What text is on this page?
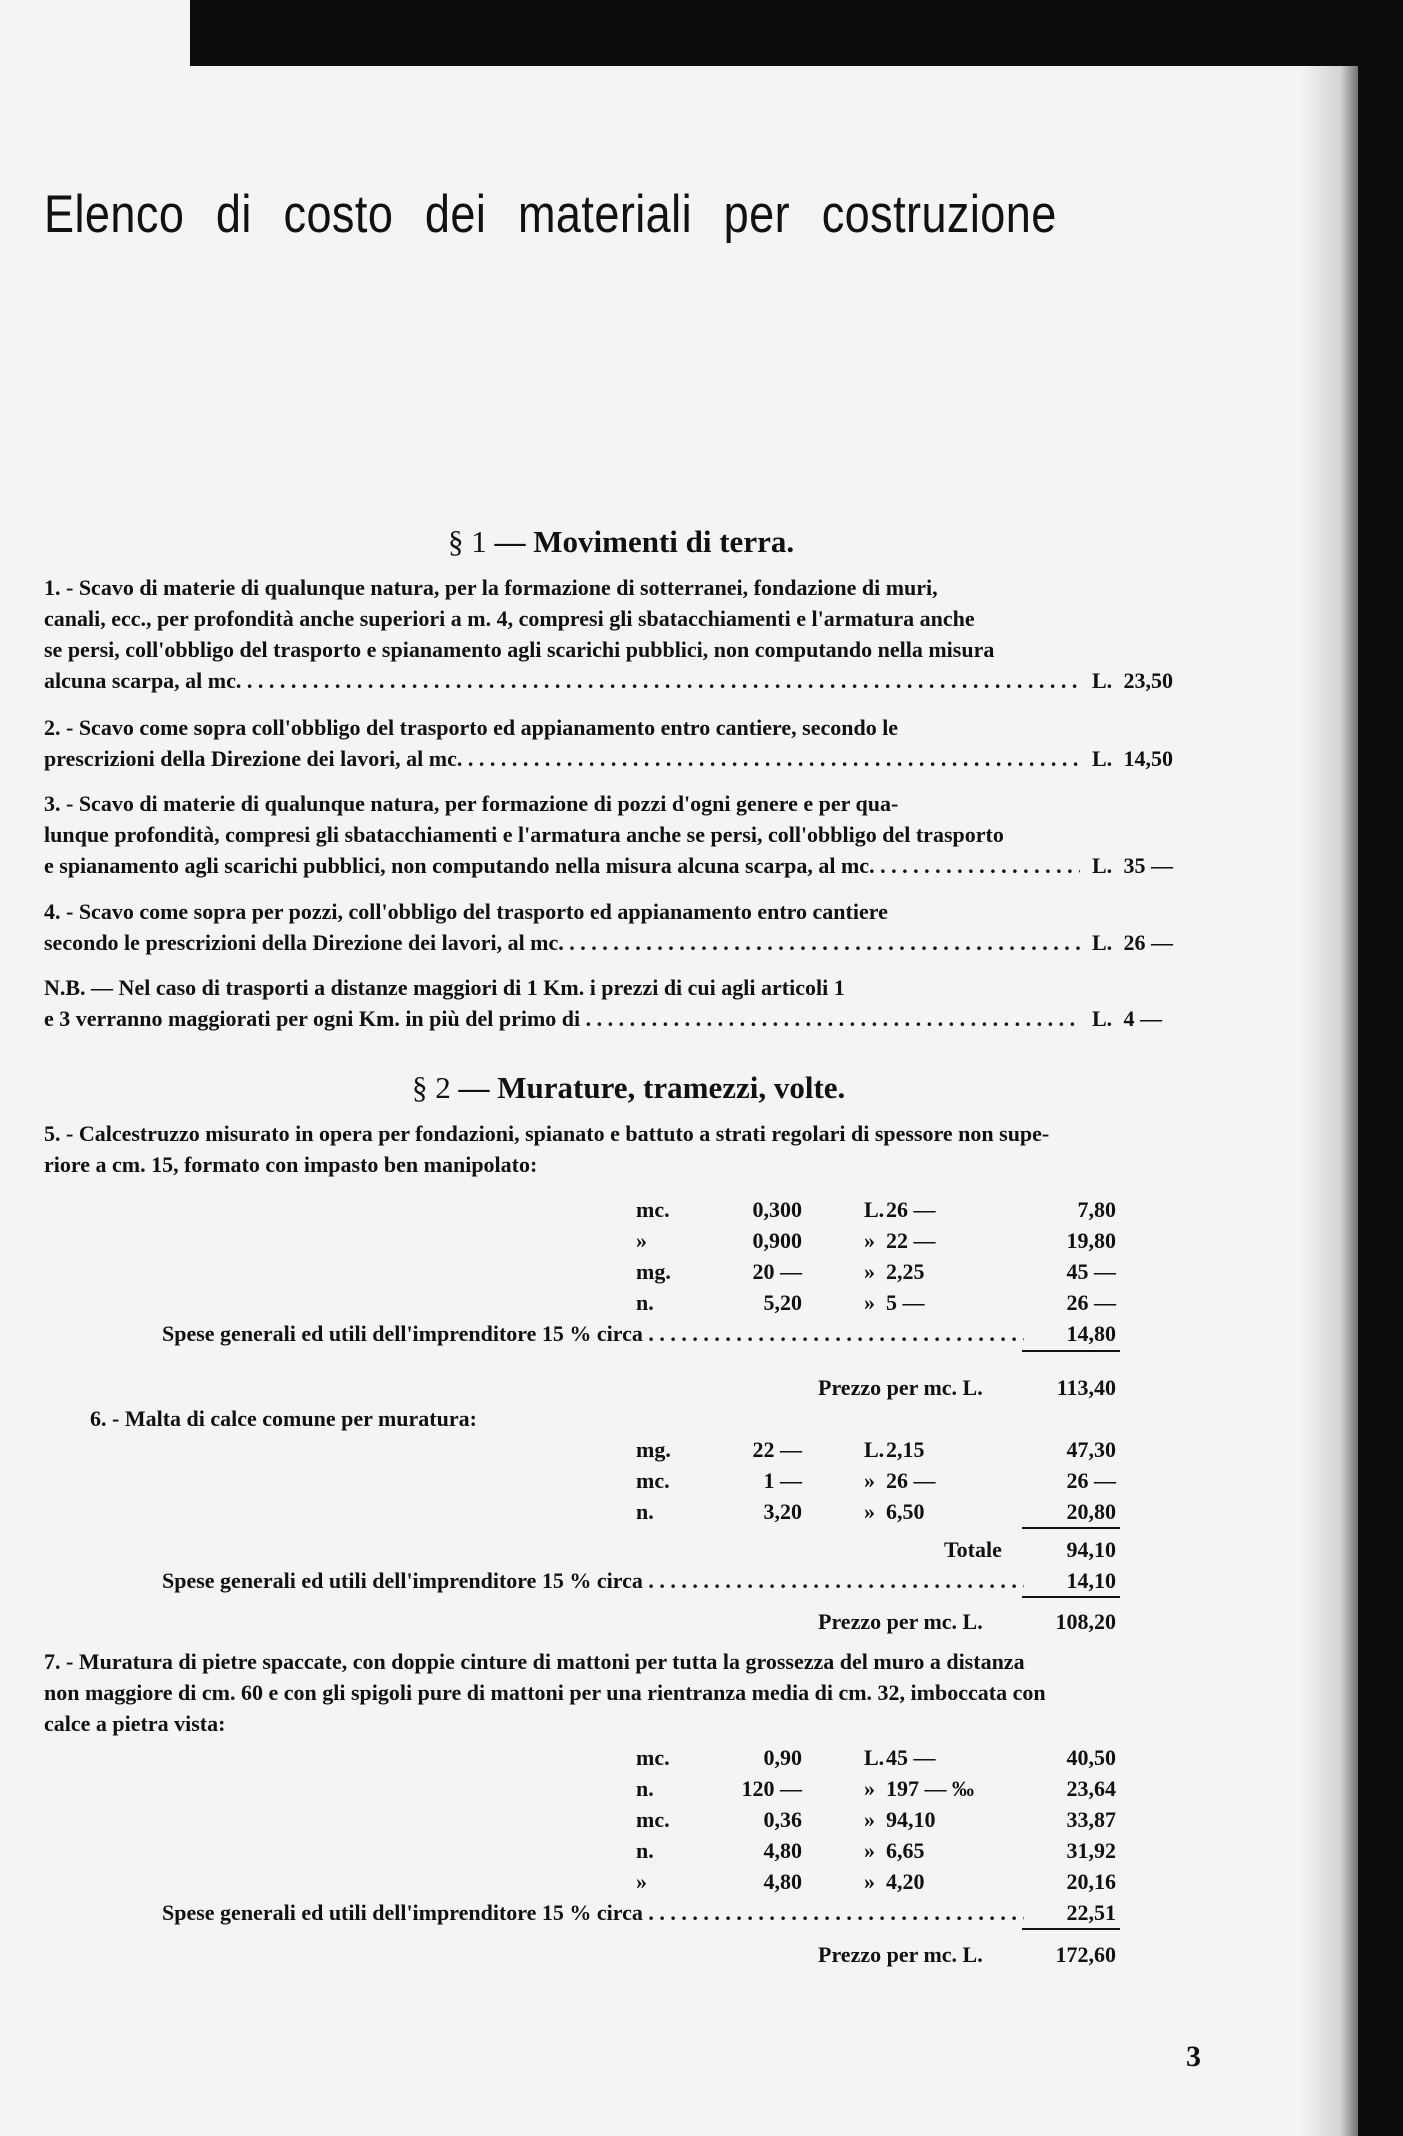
Elenco di costo dei materiali per costruzione
§ 1 — Movimenti di terra.
1. - Scavo di materie di qualunque natura, per la formazione di sotterranei, fondazione di muri,
canali, ecc., per profondità anche superiori a m. 4, compresi gli sbatacchiamenti e l'armatura anche
se persi, coll'obbligo del trasporto e spianamento agli scarichi pubblici, non computando nella misura
alcuna scarpa, al mc. . . .	L. 23,50
2. - Scavo come sopra coll'obbligo del trasporto ed appianamento entro cantiere, secondo le
prescrizioni della Direzione dei lavori, al mc. . . .	L. 14,50
3. - Scavo di materie di qualunque natura, per formazione di pozzi d'ogni genere e per qua-
lunque profondità, compresi gli sbatacchiamenti e l'armatura anche se persi, coll'obbligo del trasporto
e spianamento agli scarichi pubblici, non computando nella misura alcuna scarpa, al mc. . . .	L. 35 —
4. - Scavo come sopra per pozzi, coll'obbligo del trasporto ed appianamento entro cantiere
secondo le prescrizioni della Direzione dei lavori, al mc. . . .	L. 26 —
N.B. — Nel caso di trasporti a distanze maggiori di 1 Km. i prezzi di cui agli articoli 1
e 3 verranno maggiorati per ogni Km. in più del primo di . . .	L. 4 —
§ 2 — Murature, tramezzi, volte.
5. - Calcestruzzo misurato in opera per fondazioni, spianato e battuto a strati regolari di spessore non supe-
riore a cm. 15, formato con impasto ben manipolato:
mc.	0,300	L. 26 —	7,80
»	0,900	» 22 —	19,80
mg.	20 —	» 2,25	45 —
n.	5,20	» 5 —	26 —
Spese generali ed utili dell'imprenditore 15 % circa . . .	14,80
Prezzo per mc. L.	113,40
6. - Malta di calce comune per muratura:
mg.	22 —	L. 2,15	47,30
mc.	1 —	» 26 —	26 —
n.	3,20	» 6,50	20,80
Totale	94,10
Spese generali ed utili dell'imprenditore 15 % circa . . .	14,10
Prezzo per mc. L.	108,20
7. - Muratura di pietre spaccate, con doppie cinture di mattoni per tutta la grossezza del muro a distanza
non maggiore di cm. 60 e con gli spigoli pure di mattoni per una rientranza media di cm. 32, imboccata con
calce a pietra vista:
mc.	0,90	L. 45 —	40,50
n.	120 —	» 197 — ‰	23,64
mc.	0,36	» 94,10	33,87
n.	4,80	» 6,65	31,92
»	4,80	» 4,20	20,16
Spese generali ed utili dell'imprenditore 15 % circa . . .	22,51
Prezzo per mc. L.	172,60
3
